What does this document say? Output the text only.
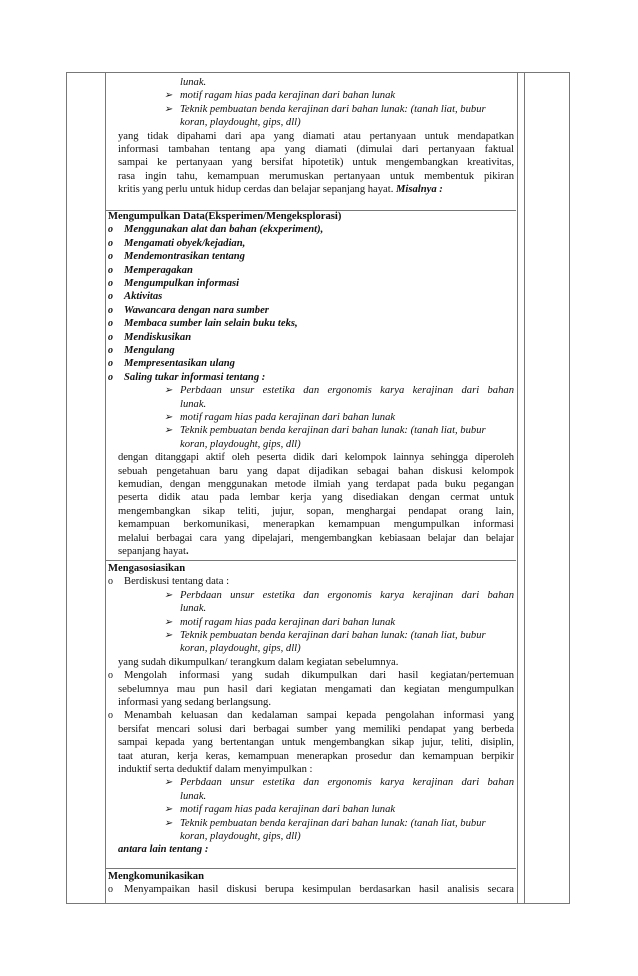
lunak.
➢ motif ragam hias pada kerajinan dari bahan lunak
➢ Teknik pembuatan benda kerajinan dari bahan lunak: (tanah liat, bubur
koran, playdought, gips, dll)
yang tidak dipahami dari apa yang diamati atau pertanyaan untuk mendapatkan
informasi tambahan tentang apa yang diamati (dimulai dari pertanyaan faktual
sampai ke pertanyaan yang bersifat hipotetik) untuk mengembangkan kreativitas,
rasa ingin tahu, kemampuan merumuskan pertanyaan untuk membentuk pikiran
kritis yang perlu untuk hidup cerdas dan belajar sepanjang hayat. Misalnya :
Mengumpulkan Data(Eksperimen/Mengeksplorasi)
o Menggunakan alat dan bahan (ekxperiment),
o Mengamati obyek/kejadian,
o Mendemontrasikan tentang
o Memperagakan
o Mengumpulkan informasi
o Aktivitas
o Wawancara dengan nara sumber
o Membaca sumber lain selain buku teks,
o Mendiskusikan
o Mengulang
o Mempresentasikan ulang
o Saling tukar informasi tentang :
➢ Perbdaan unsur estetika dan ergonomis karya kerajinan dari bahan
lunak.
➢ motif ragam hias pada kerajinan dari bahan lunak
➢ Teknik pembuatan benda kerajinan dari bahan lunak: (tanah liat, bubur
koran, playdought, gips, dll)
dengan ditanggapi aktif oleh peserta didik dari kelompok lainnya sehingga diperoleh
sebuah pengetahuan baru yang dapat dijadikan sebagai bahan diskusi kelompok
kemudian, dengan menggunakan metode ilmiah yang terdapat pada buku pegangan
peserta didik atau pada lembar kerja yang disediakan dengan cermat untuk
mengembangkan sikap teliti, jujur, sopan, menghargai pendapat orang lain,
kemampuan berkomunikasi, menerapkan kemampuan mengumpulkan informasi
melalui berbagai cara yang dipelajari, mengembangkan kebiasaan belajar dan belajar
sepanjang hayat.
Mengasosiasikan
o Berdiskusi tentang data :
➢ Perbdaan unsur estetika dan ergonomis karya kerajinan dari bahan
lunak.
➢ motif ragam hias pada kerajinan dari bahan lunak
➢ Teknik pembuatan benda kerajinan dari bahan lunak: (tanah liat, bubur
koran, playdought, gips, dll)
yang sudah dikumpulkan/ terangkum dalam kegiatan sebelumnya.
o Mengolah informasi yang sudah dikumpulkan dari hasil kegiatan/pertemuan
sebelumnya mau pun hasil dari kegiatan mengamati dan kegiatan mengumpulkan
informasi yang sedang berlangsung.
o Menambah keluasan dan kedalaman sampai kepada pengolahan informasi yang
bersifat mencari solusi dari berbagai sumber yang memiliki pendapat yang berbeda
sampai kepada yang bertentangan untuk mengembangkan sikap jujur, teliti, disiplin,
taat aturan, kerja keras, kemampuan menerapkan prosedur dan kemampuan berpikir
induktif serta deduktif dalam menyimpulkan :
➢ Perbdaan unsur estetika dan ergonomis karya kerajinan dari bahan
lunak.
➢ motif ragam hias pada kerajinan dari bahan lunak
➢ Teknik pembuatan benda kerajinan dari bahan lunak: (tanah liat, bubur
koran, playdought, gips, dll)
antara lain tentang :
Mengkomunikasikan
o Menyampaikan hasil diskusi berupa kesimpulan berdasarkan hasil analisis secara
